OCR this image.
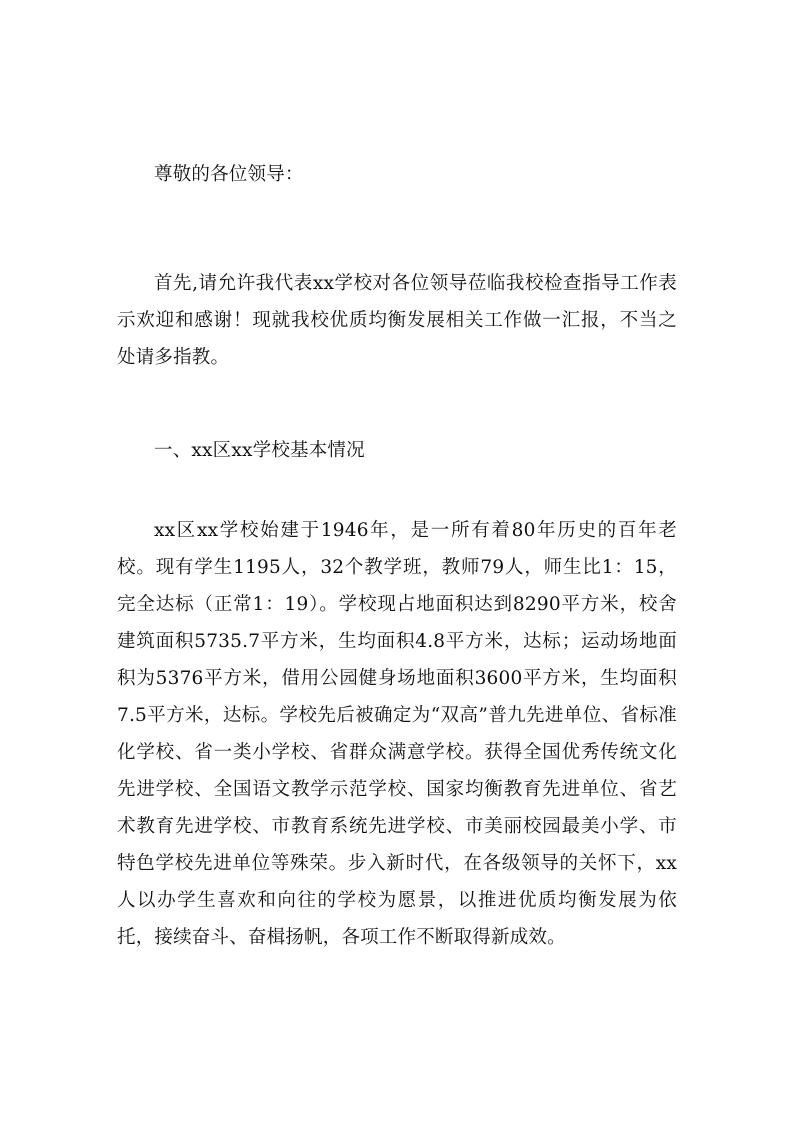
尊敬的各位领导：

首先,请允许我代表xx学校对各位领导莅临我校检查指导工作表示欢迎和感谢！现就我校优质均衡发展相关工作做一汇报，不当之处请多指教。

一、xx区xx学校基本情况

xx区xx学校始建于1946年，是一所有着80年历史的百年老校。现有学生1195人，32个教学班，教师79人，师生比1：15，完全达标（正常1：19）。学校现占地面积达到8290平方米，校舍建筑面积5735.7平方米，生均面积4.8平方米，达标；运动场地面积为5376平方米，借用公园健身场地面积3600平方米，生均面积7.5平方米，达标。学校先后被确定为“双高”普九先进单位、省标准化学校、省一类小学校、省群众满意学校。获得全国优秀传统文化先进学校、全国语文教学示范学校、国家均衡教育先进单位、省艺术教育先进学校、市教育系统先进学校、市美丽校园最美小学、市特色学校先进单位等殊荣。步入新时代，在各级领导的关怀下，xx人以办学生喜欢和向往的学校为愿景，以推进优质均衡发展为依托，接续奋斗、奋楫扬帆，各项工作不断取得新成效。
